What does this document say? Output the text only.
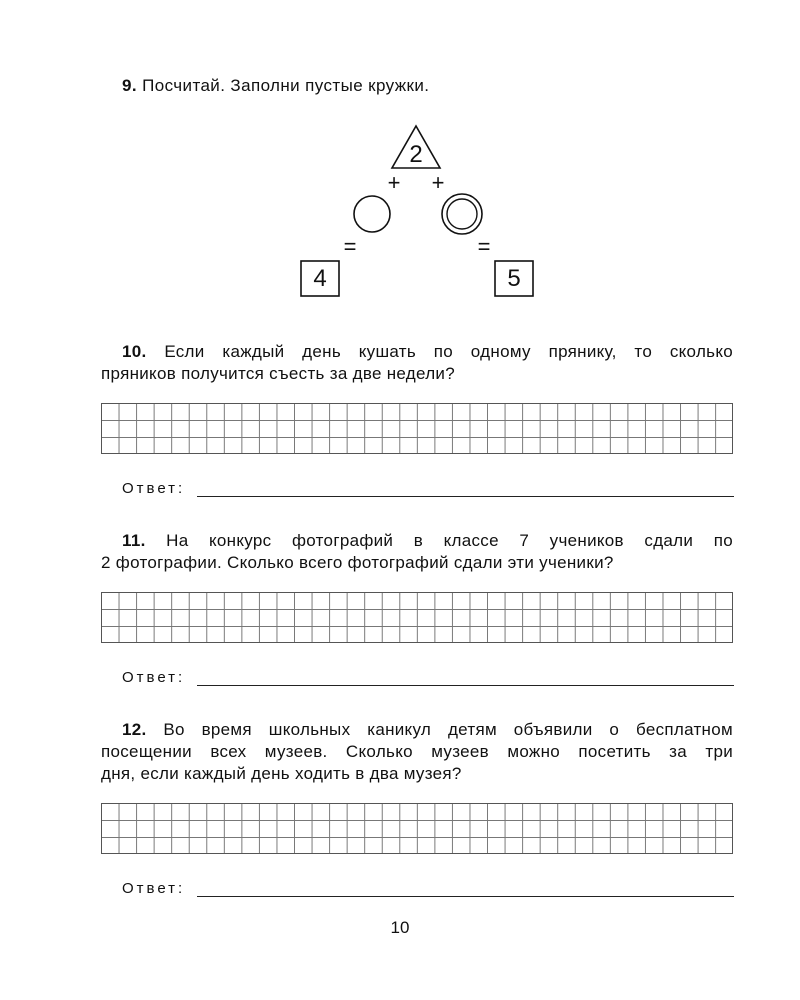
9. Посчитай. Заполни пустые кружки.
2
+ +
=	=
4	5
10. Если каждый день кушать по одному прянику, то сколько
пряников получится съесть за две недели?
Ответ:
11. На конкурс фотографий в классе 7 учеников сдали по
2 фотографии. Сколько всего фотографий сдали эти ученики?
Ответ:
12. Во время школьных каникул детям объявили о бесплатном
посещении всех музеев. Сколько музеев можно посетить за три
дня, если каждый день ходить в два музея?
Ответ:
10
